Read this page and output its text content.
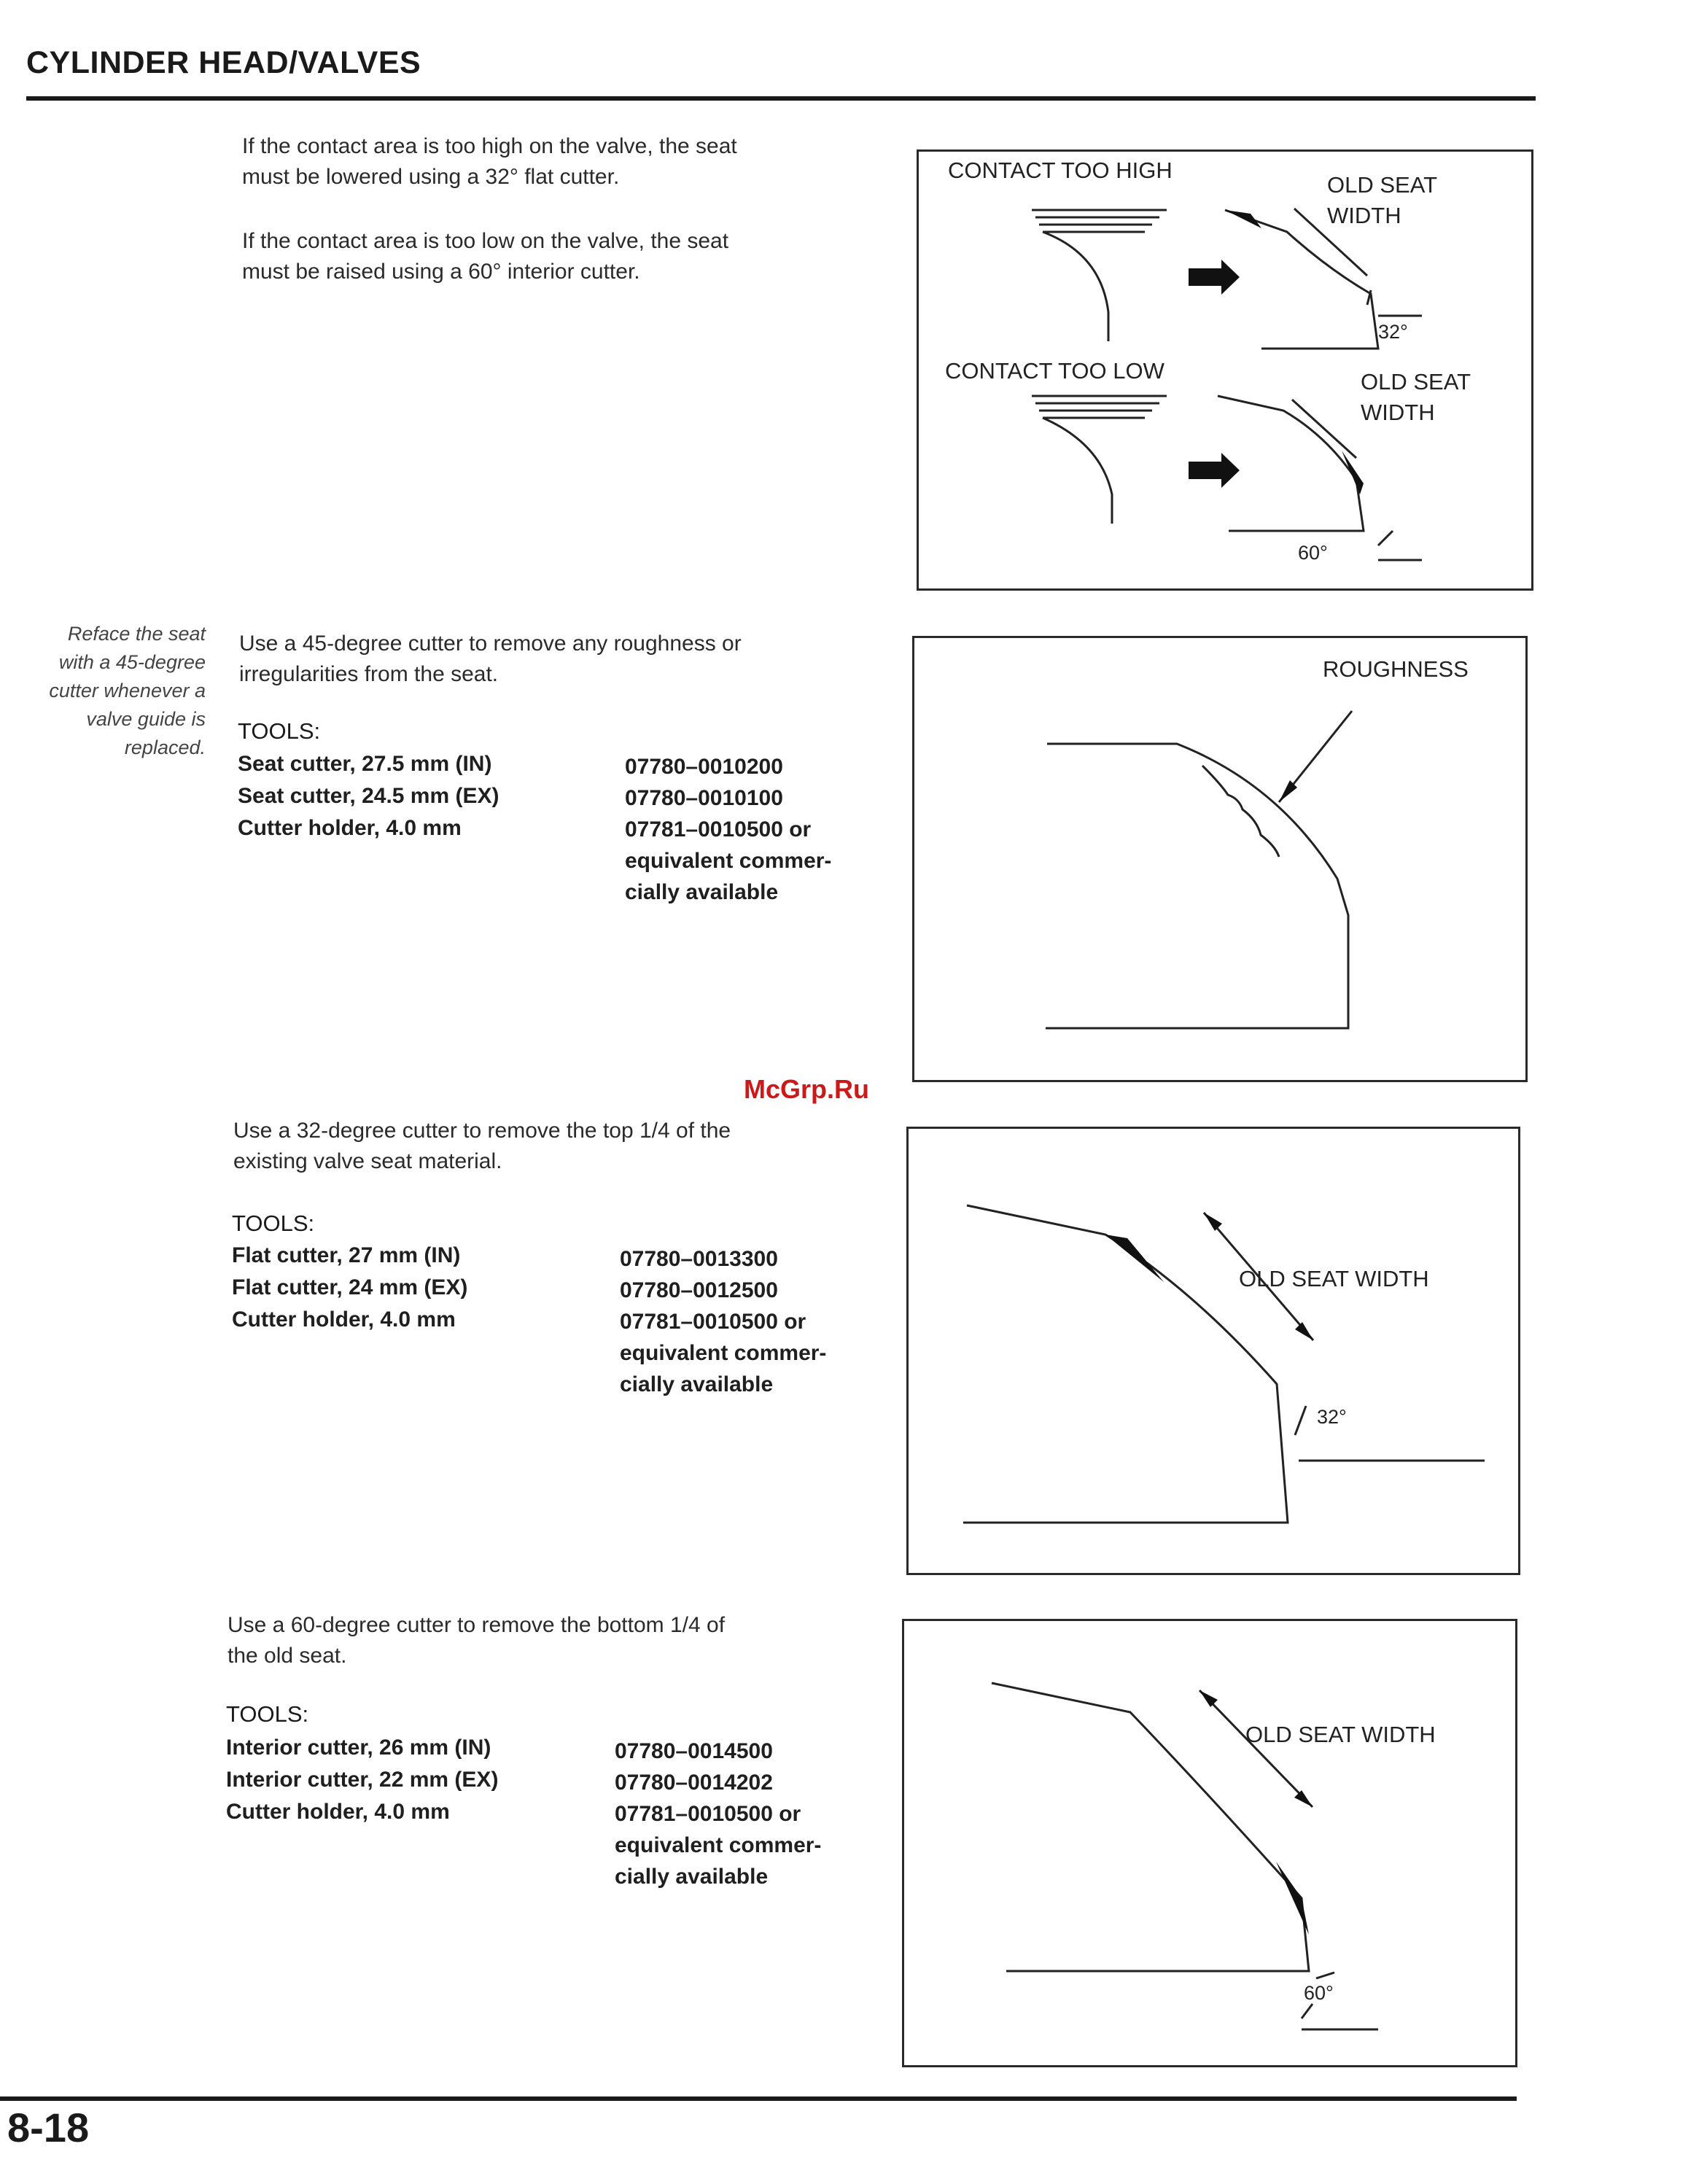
CYLINDER HEAD/VALVES
If the contact area is too high on the valve, the seat
must be lowered using a 32° flat cutter.
If the contact area is too low on the valve, the seat
must be raised using a 60° interior cutter.
CONTACT TOO HIGH
OLD SEAT
WIDTH
32°
CONTACT TOO LOW	OLD SEAT
WIDTH
60°
Reface the seat
with a 45-degree
cutter whenever a
valve guide is
replaced.
Use a 45-degree cutter to remove any roughness or
irregularities from the seat.
TOOLS:
Seat cutter, 27.5 mm (IN)
Seat cutter, 24.5 mm (EX)
Cutter holder, 4.0 mm
07780–0010200
07780–0010100
07781–0010500 or
equivalent commer-
cially available
ROUGHNESS
McGrp.Ru
Use a 32-degree cutter to remove the top 1/4 of the
existing valve seat material.
TOOLS:
Flat cutter, 27 mm (IN)
Flat cutter, 24 mm (EX)
Cutter holder, 4.0 mm
07780–0013300
07780–0012500
07781–0010500 or
equivalent commer-
cially available
OLD SEAT WIDTH
32°
Use a 60-degree cutter to remove the bottom 1/4 of
the old seat.
TOOLS:
Interior cutter, 26 mm (IN)
Interior cutter, 22 mm (EX)
Cutter holder, 4.0 mm
07780–0014500
07780–0014202
07781–0010500 or
equivalent commer-
cially available
OLD SEAT WIDTH
60°
8-18
